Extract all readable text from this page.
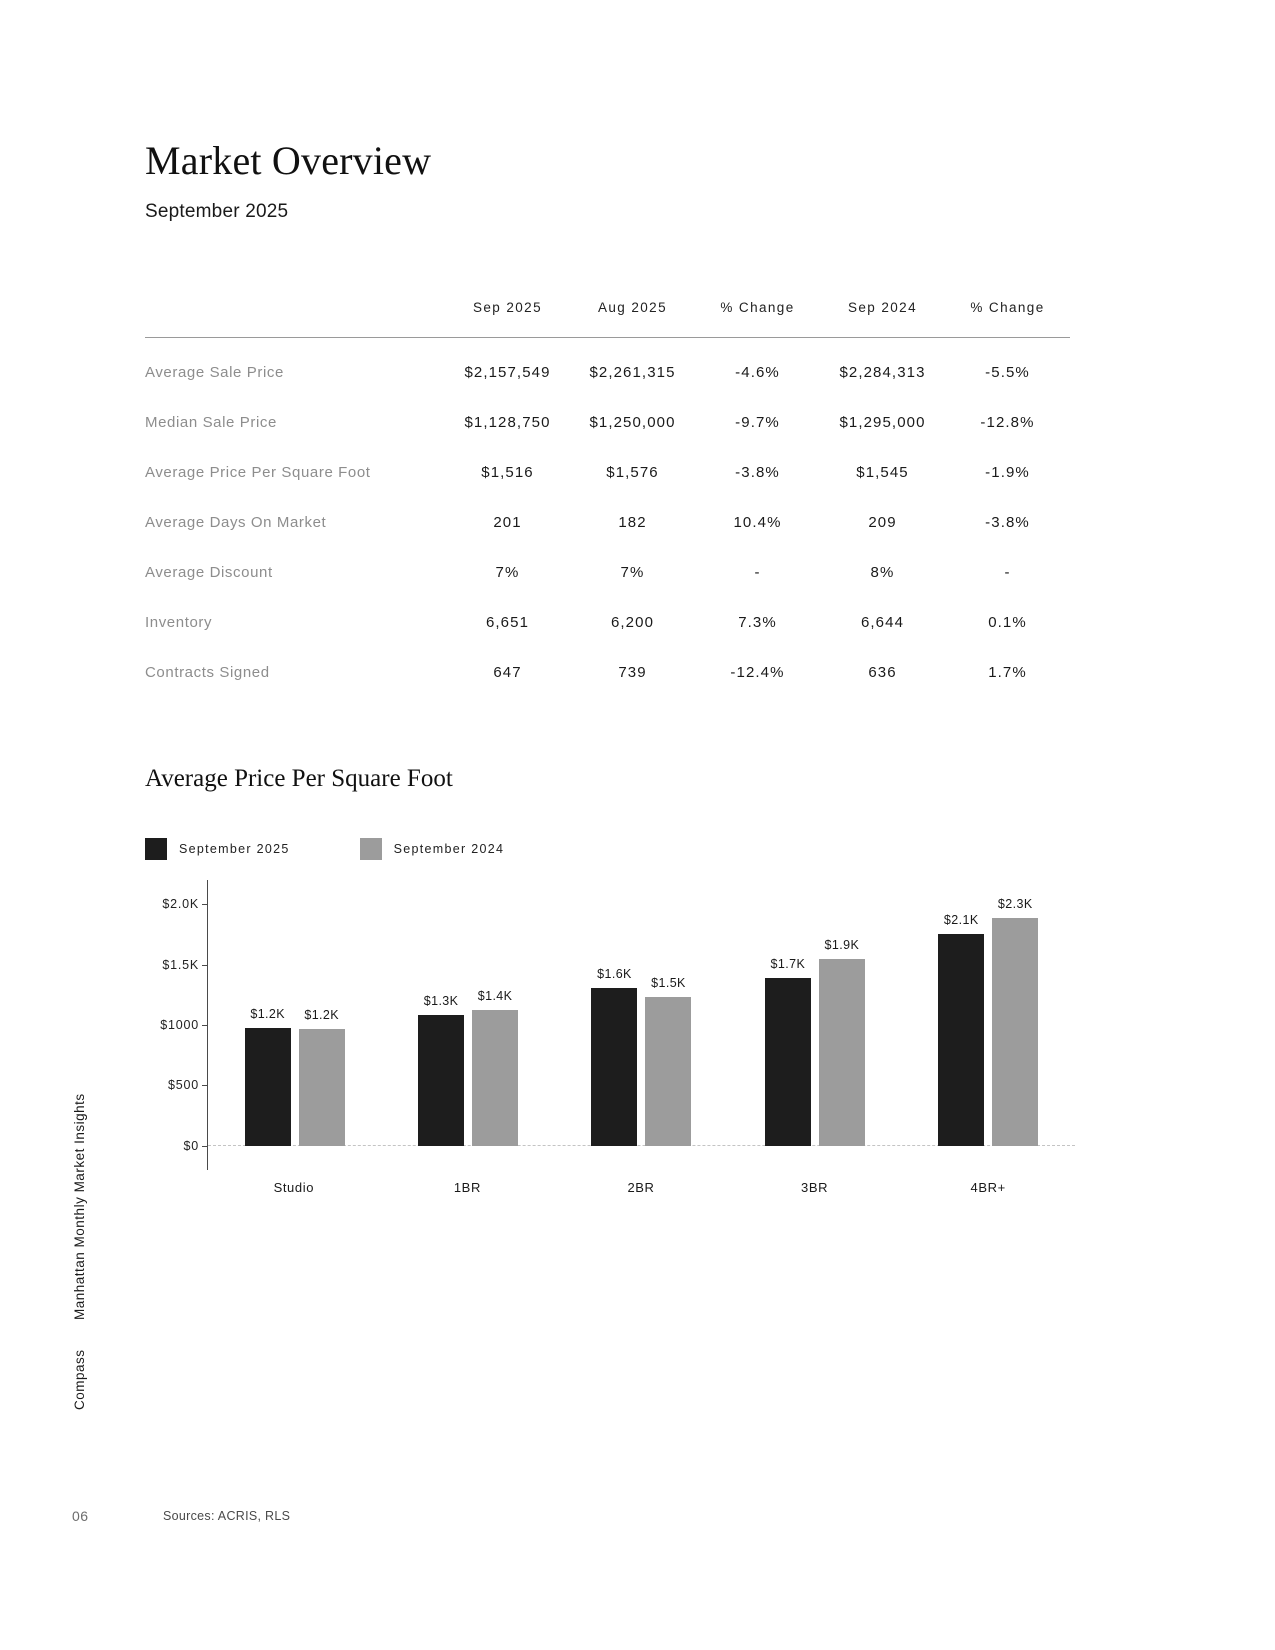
Market Overview
September 2025
	Sep 2025	Aug 2025	% Change	Sep 2024	% Change
Average Sale Price	$2,157,549	$2,261,315	-4.6%	$2,284,313	-5.5%
Median Sale Price	$1,128,750	$1,250,000	-9.7%	$1,295,000	-12.8%
Average Price Per Square Foot	$1,516	$1,576	-3.8%	$1,545	-1.9%
Average Days On Market	201	182	10.4%	209	-3.8%
Average Discount	7%	7%	-	8%	-
Inventory	6,651	6,200	7.3%	6,644	0.1%
Contracts Signed	647	739	-12.4%	636	1.7%
Average Price Per Square Foot
September 2025	September 2024
$2.0K
$1.5K
$1000
$500
$0
$1.2K $1.2K
$1.3K $1.4K
$1.6K
$1.5K
$1.7K
$1.9K
$2.1K
$2.3K
Studio	1BR	2BR	3BR	4BR+
Manhattan Monthly Market Insights
Compass
06	Sources: ACRIS, RLS
